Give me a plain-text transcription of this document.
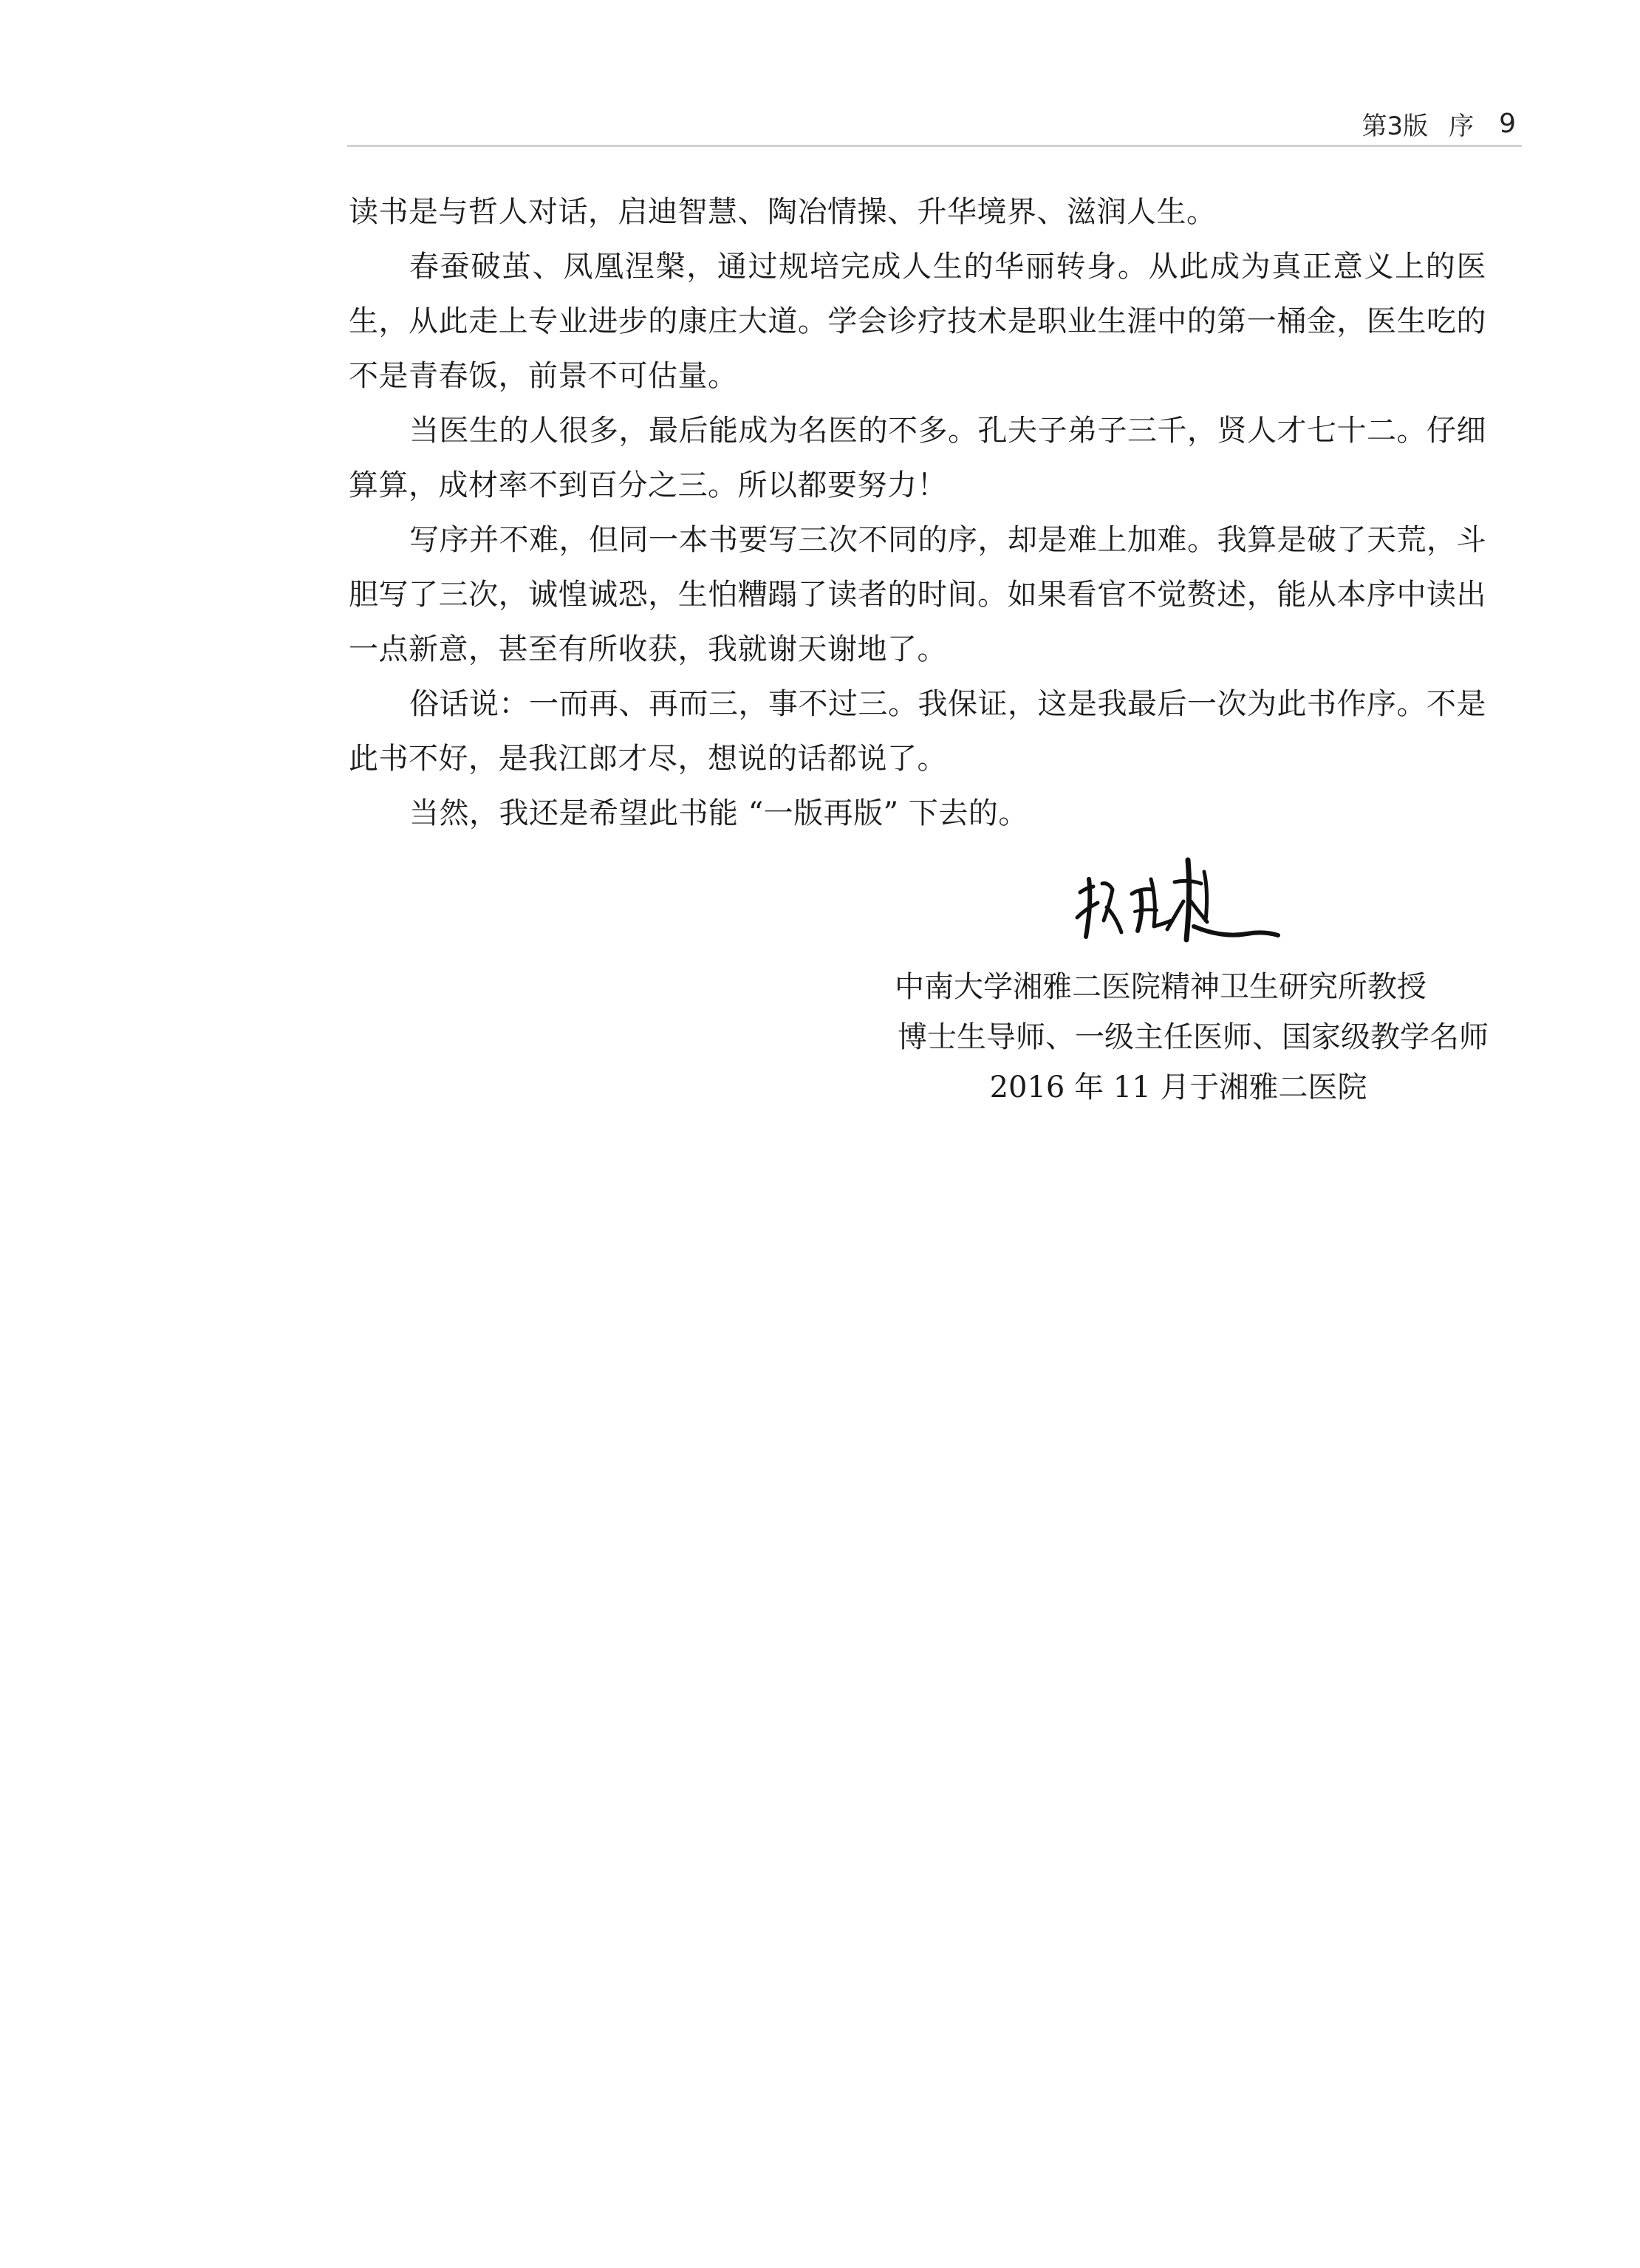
第3版 序 9

读书是与哲人对话，启迪智慧、陶冶情操、升华境界、滋润人生。

春蚕破茧、凤凰涅槃，通过规培完成人生的华丽转身。从此成为真正意义上的医生，从此走上专业进步的康庄大道。学会诊疗技术是职业生涯中的第一桶金，医生吃的不是青春饭，前景不可估量。

当医生的人很多，最后能成为名医的不多。孔夫子弟子三千，贤人才七十二。仔细算算，成材率不到百分之三。所以都要努力！

写序并不难，但同一本书要写三次不同的序，却是难上加难。我算是破了天荒，斗胆写了三次，诚惶诚恐，生怕糟蹋了读者的时间。如果看官不觉赘述，能从本序中读出一点新意，甚至有所收获，我就谢天谢地了。

俗话说：一而再、再而三，事不过三。我保证，这是我最后一次为此书作序。不是此书不好，是我江郎才尽，想说的话都说了。

当然，我还是希望此书能 “一版再版” 下去的。

中南大学湘雅二医院精神卫生研究所教授
博士生导师、一级主任医师、国家级教学名师
2016 年 11 月于湘雅二医院
